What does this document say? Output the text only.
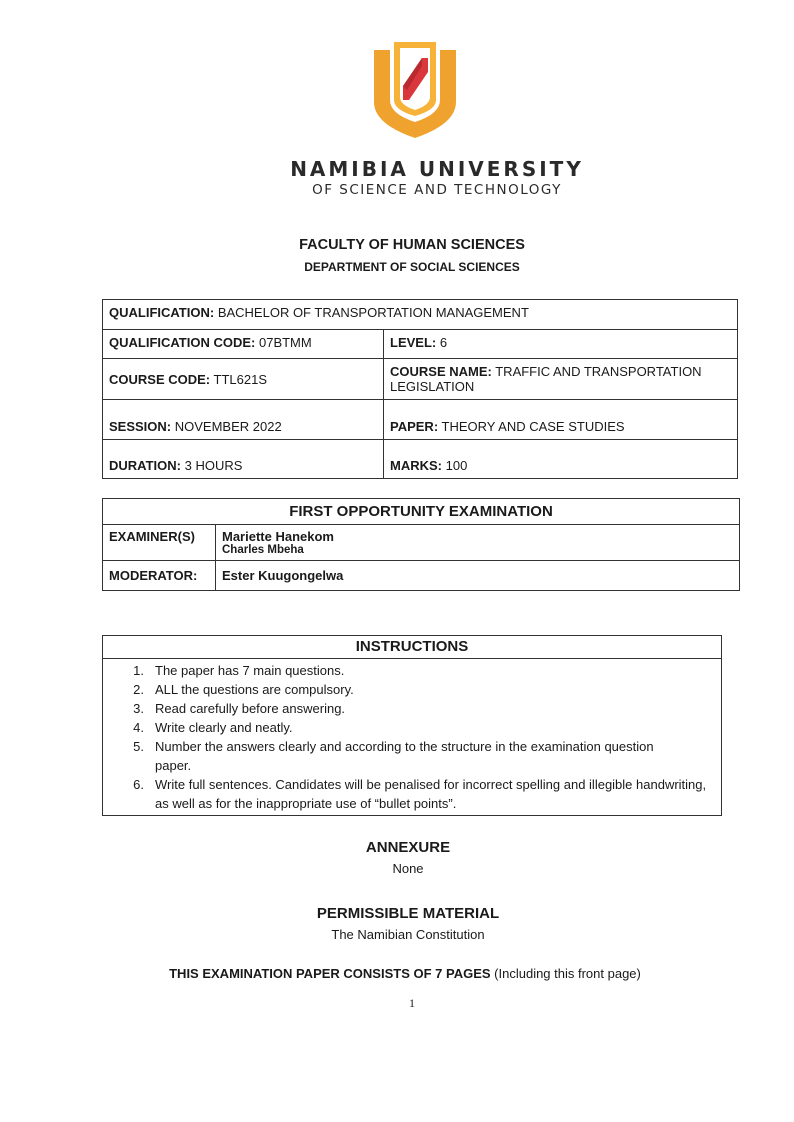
NAMIBIA UNIVERSITY
OF SCIENCE AND TECHNOLOGY
FACULTY OF HUMAN SCIENCES
DEPARTMENT OF SOCIAL SCIENCES
QUALIFICATION: BACHELOR OF TRANSPORTATION MANAGEMENT	
QUALIFICATION CODE: 07BTMM	LEVEL: 6
COURSE CODE: TTL621S	COURSE NAME: TRAFFIC AND TRANSPORTATION LEGISLATION
SESSION: NOVEMBER 2022	PAPER: THEORY AND CASE STUDIES
DURATION: 3 HOURS	MARKS: 100
FIRST OPPORTUNITY EXAMINATION	
EXAMINER(S)	Mariette Hanekom
Charles Mbeha

MODERATOR:	Ester Kuugongelwa
INSTRUCTIONS
1. The paper has 7 main questions.
2. ALL the questions are compulsory.
3. Read carefully before answering.
4. Write clearly and neatly.
5. Number the answers clearly and according to the structure in the examination question paper.
6. Write full sentences. Candidates will be penalised for incorrect spelling and illegible handwriting, as well as for the inappropriate use of “bullet points”.
ANNEXURE
None
PERMISSIBLE MATERIAL
The Namibian Constitution
THIS EXAMINATION PAPER CONSISTS OF 7 PAGES (Including this front page)
1
